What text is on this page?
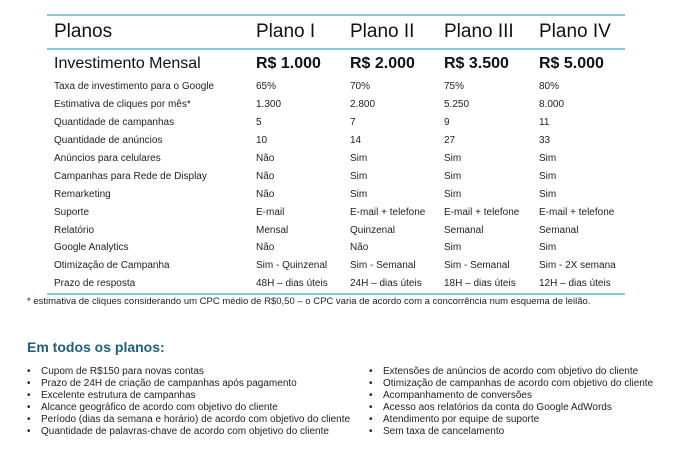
Planos	Plano I	Plano II	Plano III	Plano IV
Investimento Mensal	R$ 1.000	R$ 2.000	R$ 3.500	R$ 5.000
Taxa de investimento para o Google	65%	70%	75%	80%
Estimativa de cliques por mês*	1.300	2.800	5.250	8.000
Quantidade de campanhas	5	7	9	11
Quantidade de anúncios	10	14	27	33
Anúncios para celulares	Não	Sim	Sim	Sim
Campanhas para Rede de Display	Não	Sim	Sim	Sim
Remarketing	Não	Sim	Sim	Sim
Suporte	E-mail	E-mail + telefone	E-mail + telefone	E-mail + telefone
Relatório	Mensal	Quinzenal	Semanal	Semanal
Google Analytics	Não	Não	Sim	Sim
Otimização de Campanha	Sim - Quinzenal	Sim - Semanal	Sim - Semanal	Sim - 2X semana
Prazo de resposta	48H – dias úteis	24H – dias úteis	18H – dias úteis	12H – dias úteis
* estimativa de cliques considerando um CPC médio de R$0,50 – o CPC varia de acordo com a concorrência num esquema de leilão.
Em todos os planos:
• Cupom de R$150 para novas contas
• Prazo de 24H de criação de campanhas após pagamento
• Excelente estrutura de campanhas
• Alcance geográfico de acordo com objetivo do cliente
• Período (dias da semana e horário) de acordo com objetivo do cliente
• Quantidade de palavras-chave de acordo com objetivo do cliente
• Extensões de anúncios de acordo com objetivo do cliente
• Otimização de campanhas de acordo com objetivo do cliente
• Acompanhamento de conversões
• Acesso aos relatórios da conta do Google AdWords
• Atendimento por equipe de suporte
• Sem taxa de cancelamento
